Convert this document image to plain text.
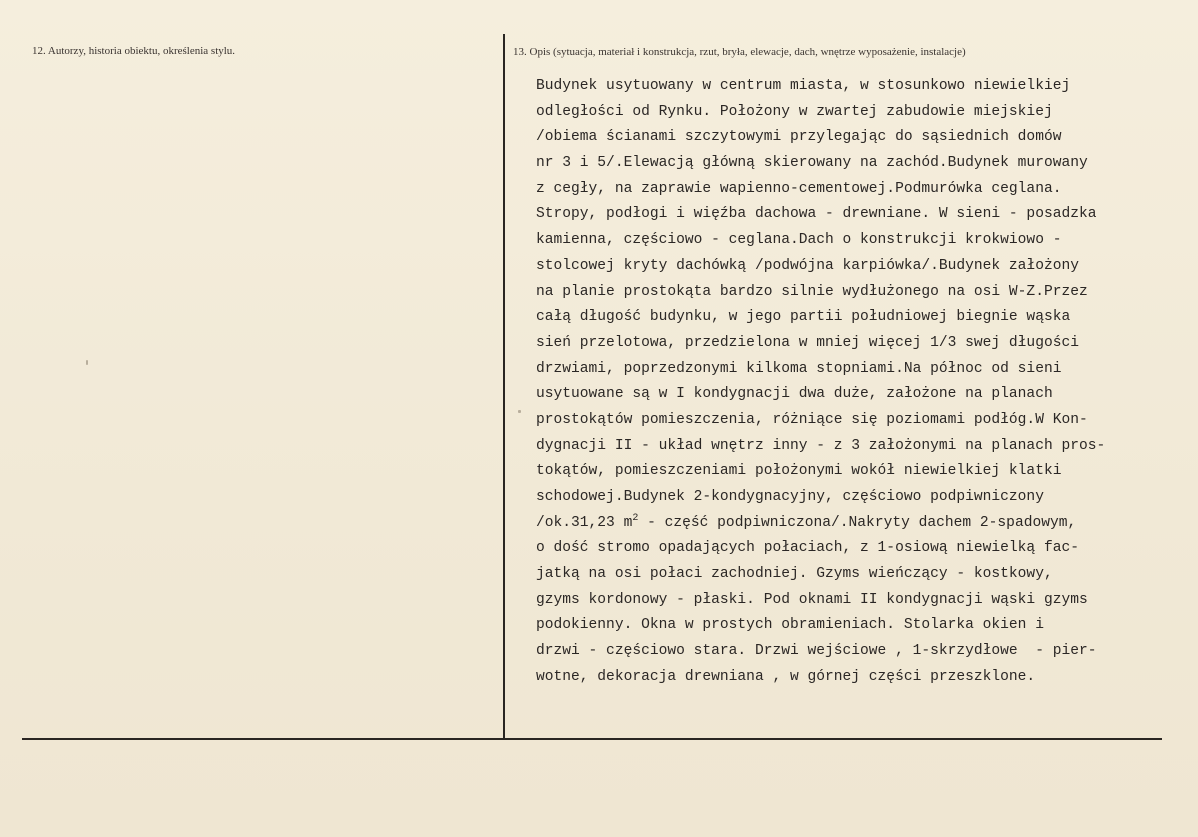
12. Autorzy, historia obiektu, określenia stylu.	13. Opis (sytuacja, materiał i konstrukcja, rzut, bryła, elewacje, dach, wnętrze wyposażenie, instalacje)
Budynek usytuowany w centrum miasta, w stosunkowo niewielkiej
odległości od Rynku. Położony w zwartej zabudowie miejskiej
/obiema ścianami szczytowymi przylegając do sąsiednich domów
nr 3 i 5/.Elewacją główną skierowany na zachód.Budynek murowany
z cegły, na zaprawie wapienno-cementowej.Podmurówka ceglana.
Stropy, podłogi i więźba dachowa - drewniane. W sieni - posadzka
kamienna, częściowo - ceglana.Dach o konstrukcji krokwiowo -
stolcowej kryty dachówką /podwójna karpiówka/.Budynek założony
na planie prostokąta bardzo silnie wydłużonego na osi W-Z.Przez
całą długość budynku, w jego partii południowej biegnie wąska
sień przelotowa, przedzielona w mniej więcej 1/3 swej długości
drzwiami, poprzedzonymi kilkoma stopniami.Na północ od sieni
usytuowane są w I kondygnacji dwa duże, założone na planach
prostokątów pomieszczenia, różniące się poziomami podłóg.W Kon-
dygnacji II - układ wnętrz inny - z 3 założonymi na planach pros-
tokątów, pomieszczeniami położonymi wokół niewielkiej klatki
schodowej.Budynek 2-kondygnacyjny, częściowo podpiwniczony
/ok.31,23 $m^2$ - część podpiwniczona/.Nakryty dachem 2-spadowym,
o dość stromo opadających połaciach, z 1-osiową niewielką fac-
jatką na osi połaci zachodniej. Gzyms wieńczący - kostkowy,
gzyms kordonowy - płaski. Pod oknami II kondygnacji wąski gzyms
podokienny. Okna w prostych obramieniach. Stolarka okien i
drzwi - częściowo stara. Drzwi wejściowe , 1-skrzydłowe  - pier-
wotne, dekoracja drewniana , w górnej części przeszklone.
